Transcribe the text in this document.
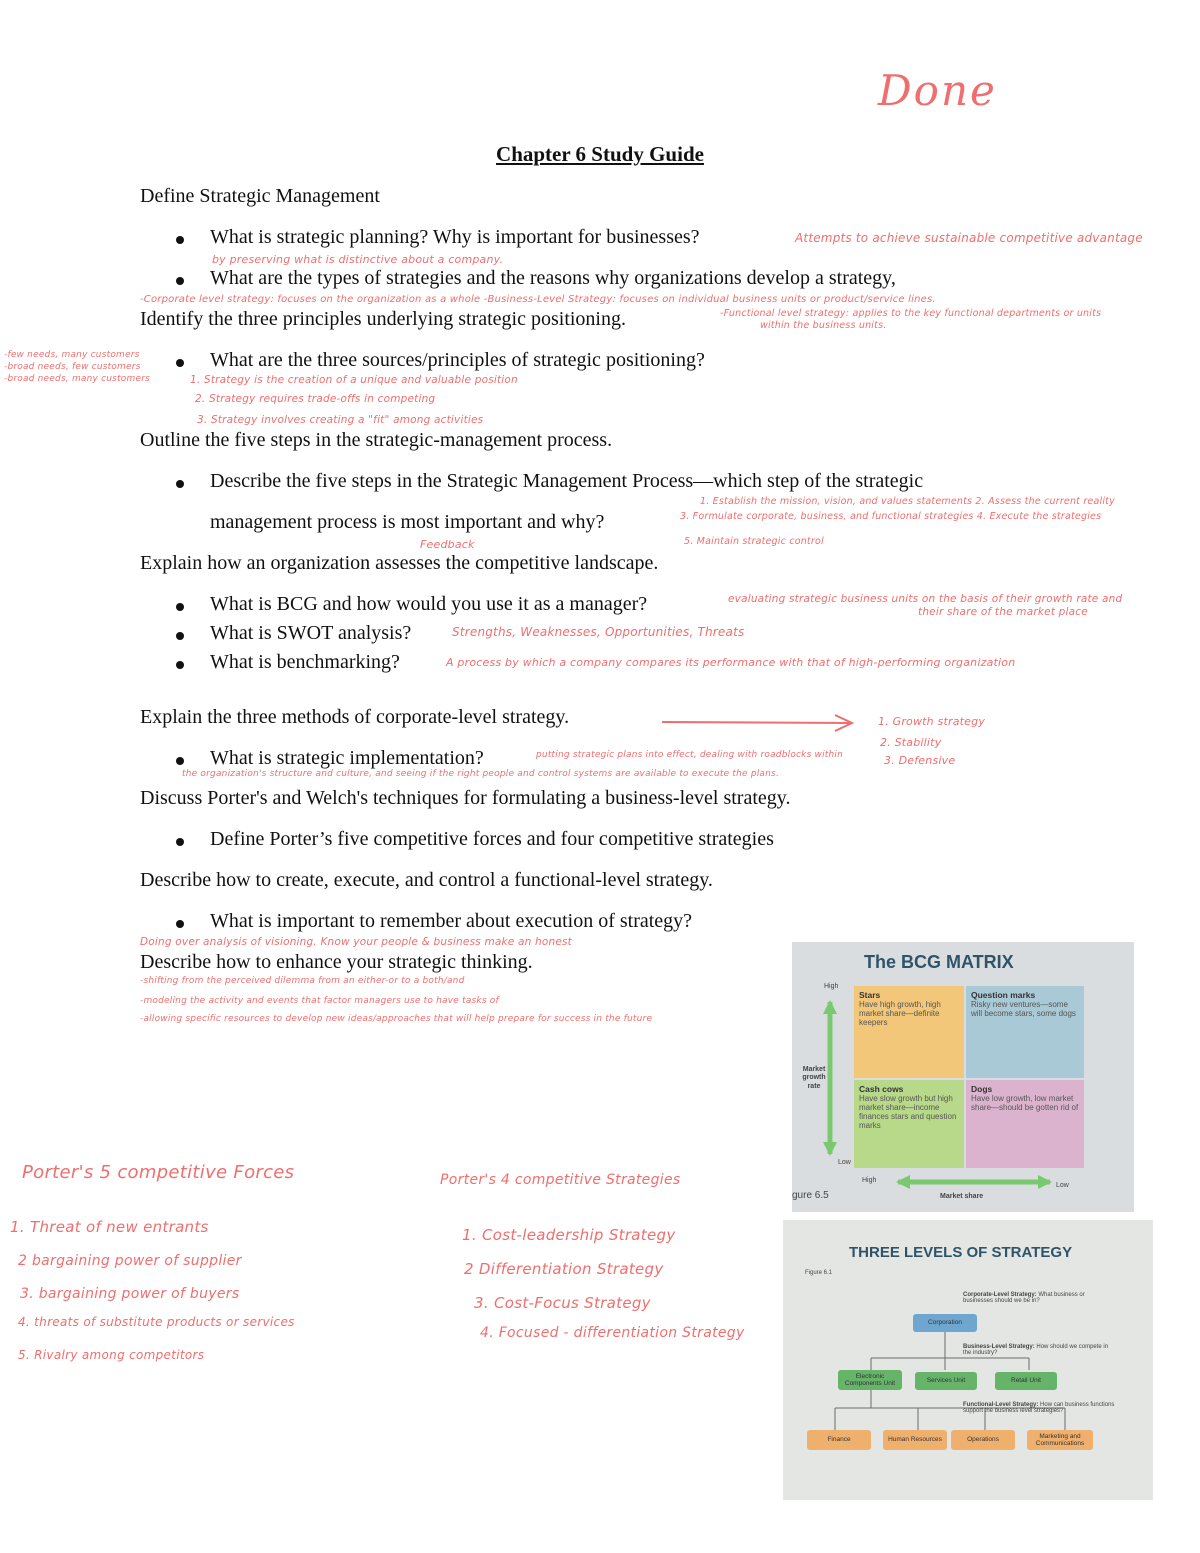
Done
Chapter 6 Study Guide
Define Strategic Management
What is strategic planning? Why is important for businesses?	Attempts to achieve sustainable competitive advantage
by preserving what is distinctive about a company.
What are the types of strategies and the reasons why organizations develop a strategy,
-Corporate level strategy: focuses on the organization as a whole -Business-Level Strategy: focuses on individual business units or product/service lines.
Identify the three principles underlying strategic positioning.	-Functional level strategy: applies to the key functional departments or units
within the business units.
-few needs, many customers
-broad needs, few customers
-broad needs, many customers
What are the three sources/principles of strategic positioning?
1. Strategy is the creation of a unique and valuable position
2. Strategy requires trade-offs in competing
3. Strategy involves creating a "fit" among activities
Outline the five steps in the strategic-management process.
Describe the five steps in the Strategic Management Process—which step of the strategic
1. Establish the mission, vision, and values statements 2. Assess the current reality
management process is most important and why?	3. Formulate corporate, business, and functional strategies 4. Execute the strategies
5. Maintain strategic control
Feedback
Explain how an organization assesses the competitive landscape.
What is BCG and how would you use it as a manager?	evaluating strategic business units on the basis of their growth rate and
their share of the market place
What is SWOT analysis?	Strengths, Weaknesses, Opportunities, Threats
What is benchmarking?	A process by which a company compares its performance with that of high-performing organization
Explain the three methods of corporate-level strategy.	1. Growth strategy
2. Stability
3. Defensive
What is strategic implementation?	putting strategic plans into effect, dealing with roadblocks within
the organization's structure and culture, and seeing if the right people and control systems are available to execute the plans.
Discuss Porter's and Welch's techniques for formulating a business-level strategy.
Define Porter’s five competitive forces and four competitive strategies
Describe how to create, execute, and control a functional-level strategy.
What is important to remember about execution of strategy?
Doing over analysis of visioning. Know your people & business make an honest
Describe how to enhance your strategic thinking.
-shifting from the perceived dilemma from an either-or to a both/and
-modeling the activity and events that factor managers use to have tasks of
-allowing specific resources to develop new ideas/approaches that will help prepare for success in the future
Porter's 5 competitive Forces
1. Threat of new entrants
2 bargaining power of supplier
3. bargaining power of buyers
4. threats of substitute products or services
5. Rivalry among competitors
Porter's 4 competitive Strategies
1. Cost-leadership Strategy
2 Differentiation Strategy
3. Cost-Focus Strategy
4. Focused - differentiation Strategy
The BCG MATRIX
High
Low
Market growth rate
Stars
Have high growth, high market share—definite keepers
Question marks
Risky new ventures—some will become stars, some dogs
Cash cows
Have slow growth but high market share—income finances stars and question marks
Dogs
Have low growth, low market share—should be gotten rid of
High
Low
Market share
gure 6.5
THREE LEVELS OF STRATEGY
Figure 6.1
Corporate-Level Strategy: What business or businesses should we be in?
Corporation
Business-Level Strategy: How should we compete in the industry?
Electronic Components Unit	Services Unit	Retail Unit
Functional-Level Strategy: How can business functions support the business level strategies?
Finance	Human Resources	Operations
Marketing and Communications
